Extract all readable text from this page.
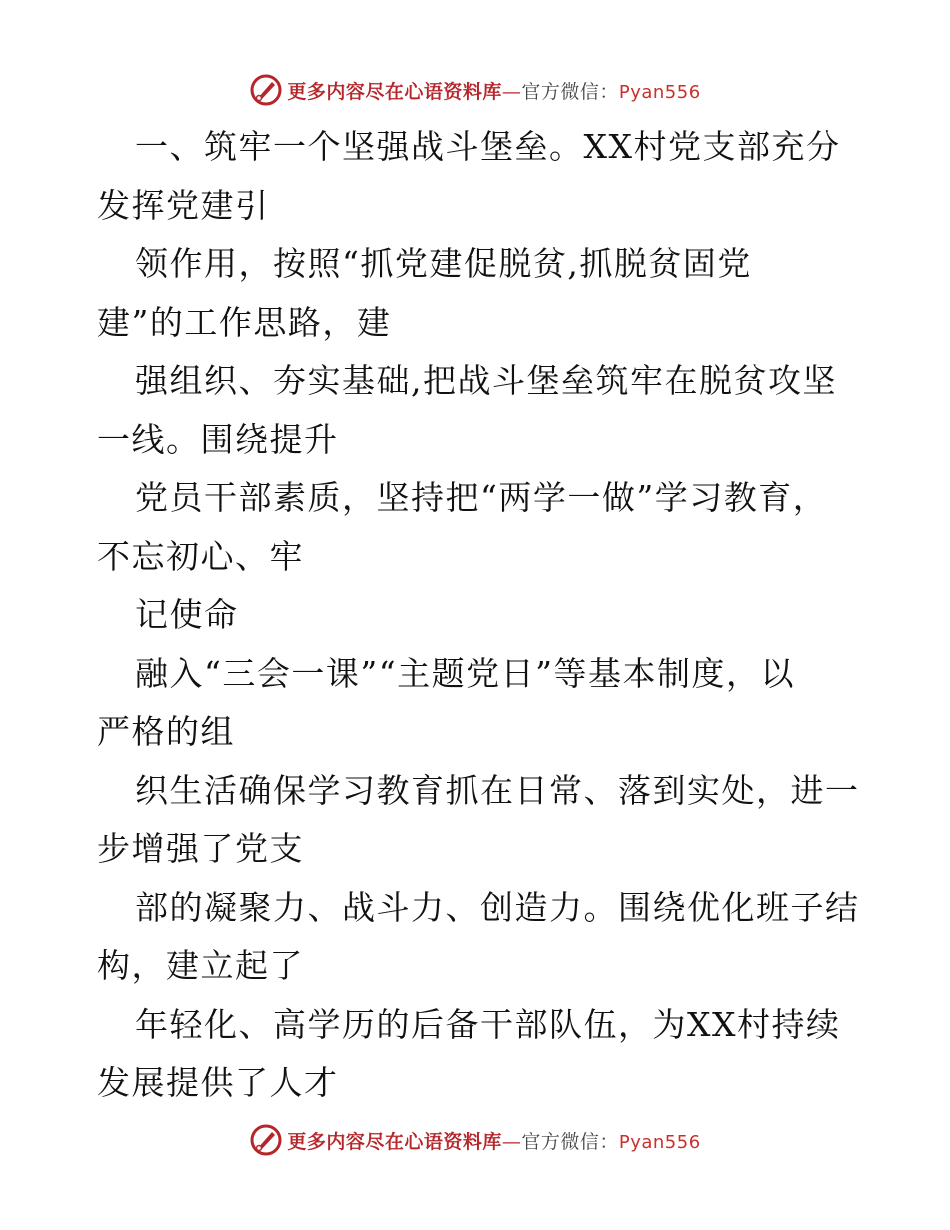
更多内容尽在心语资料库—官方微信：Pyan556
一、筑牢一个坚强战斗堡垒。XX村党支部充分
发挥党建引
领作用，按照“抓党建促脱贫,抓脱贫固党
建”的工作思路，建
强组织、夯实基础,把战斗堡垒筑牢在脱贫攻坚
一线。围绕提升
党员干部素质，坚持把“两学一做”学习教育，
不忘初心、牢
记使命
融入“三会一课”“主题党日”等基本制度，以
严格的组
织生活确保学习教育抓在日常、落到实处，进一
步增强了党支
部的凝聚力、战斗力、创造力。围绕优化班子结
构，建立起了
年轻化、高学历的后备干部队伍，为XX村持续
发展提供了人才
更多内容尽在心语资料库—官方微信：Pyan556
